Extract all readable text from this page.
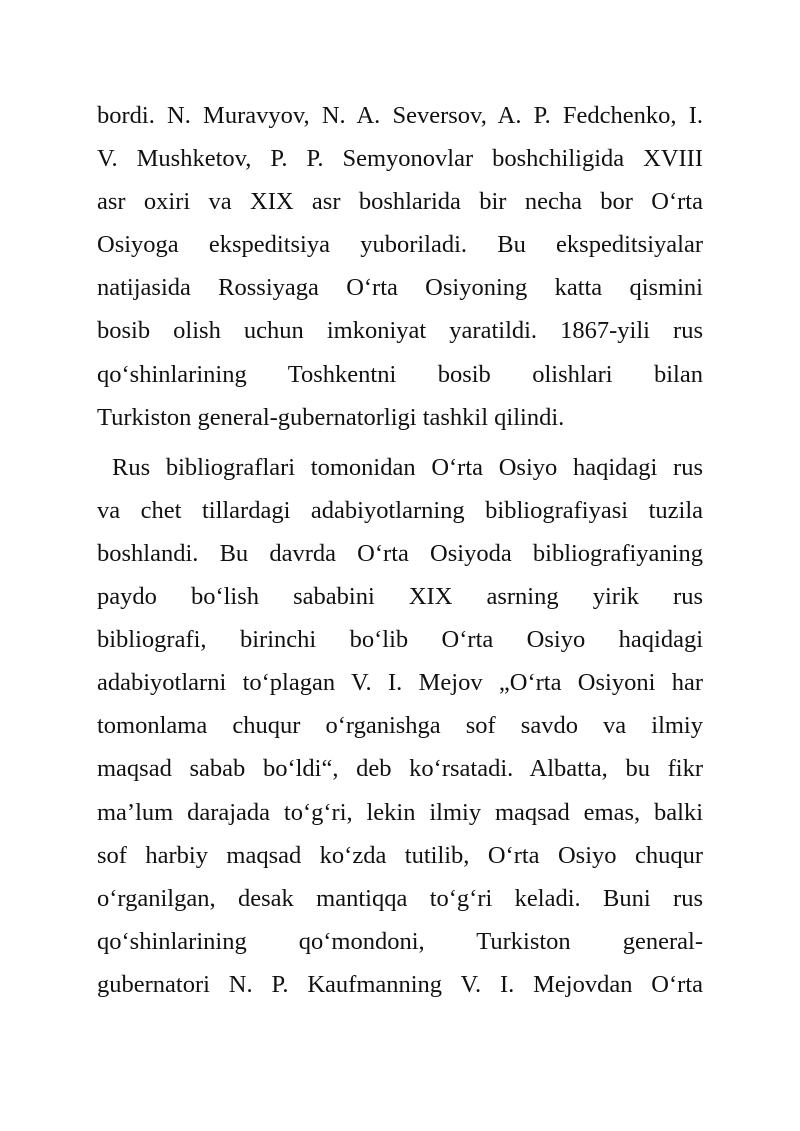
bordi. N. Muravyov, N. A. Seversov, A. P. Fedchenko, I.
V. Mushketov, P. P. Semyonovlar boshchiligida XVIII
asr oxiri va XIX asr boshlarida bir necha bor O‘rta
Osiyoga ekspeditsiya yuboriladi. Bu ekspeditsiyalar
natijasida Rossiyaga O‘rta Osiyoning katta qismini
bosib olish uchun imkoniyat yaratildi. 1867-yili rus
qo‘shinlarining Toshkentni bosib olishlari bilan
Turkiston general-gubernatorligi tashkil qilindi.
Rus bibliograflari tomonidan O‘rta Osiyo haqidagi rus
va chet tillardagi adabiyotlarning bibliografiyasi tuzila
boshlandi. Bu davrda O‘rta Osiyoda bibliografiyaning
paydo bo‘lish sababini XIX asrning yirik rus
bibliografi, birinchi bo‘lib O‘rta Osiyo haqidagi
adabiyotlarni to‘plagan V. I. Mejov „O‘rta Osiyoni har
tomonlama chuqur o‘rganishga sof savdo va ilmiy
maqsad sabab bo‘ldi“, deb ko‘rsatadi. Albatta, bu fikr
ma’lum darajada to‘g‘ri, lekin ilmiy maqsad emas, balki
sof harbiy maqsad ko‘zda tutilib, O‘rta Osiyo chuqur
o‘rganilgan, desak mantiqqa to‘g‘ri keladi. Buni rus
qo‘shinlarining qo‘mondoni, Turkiston general-
gubernatori N. P. Kaufmanning V. I. Mejovdan O‘rta
